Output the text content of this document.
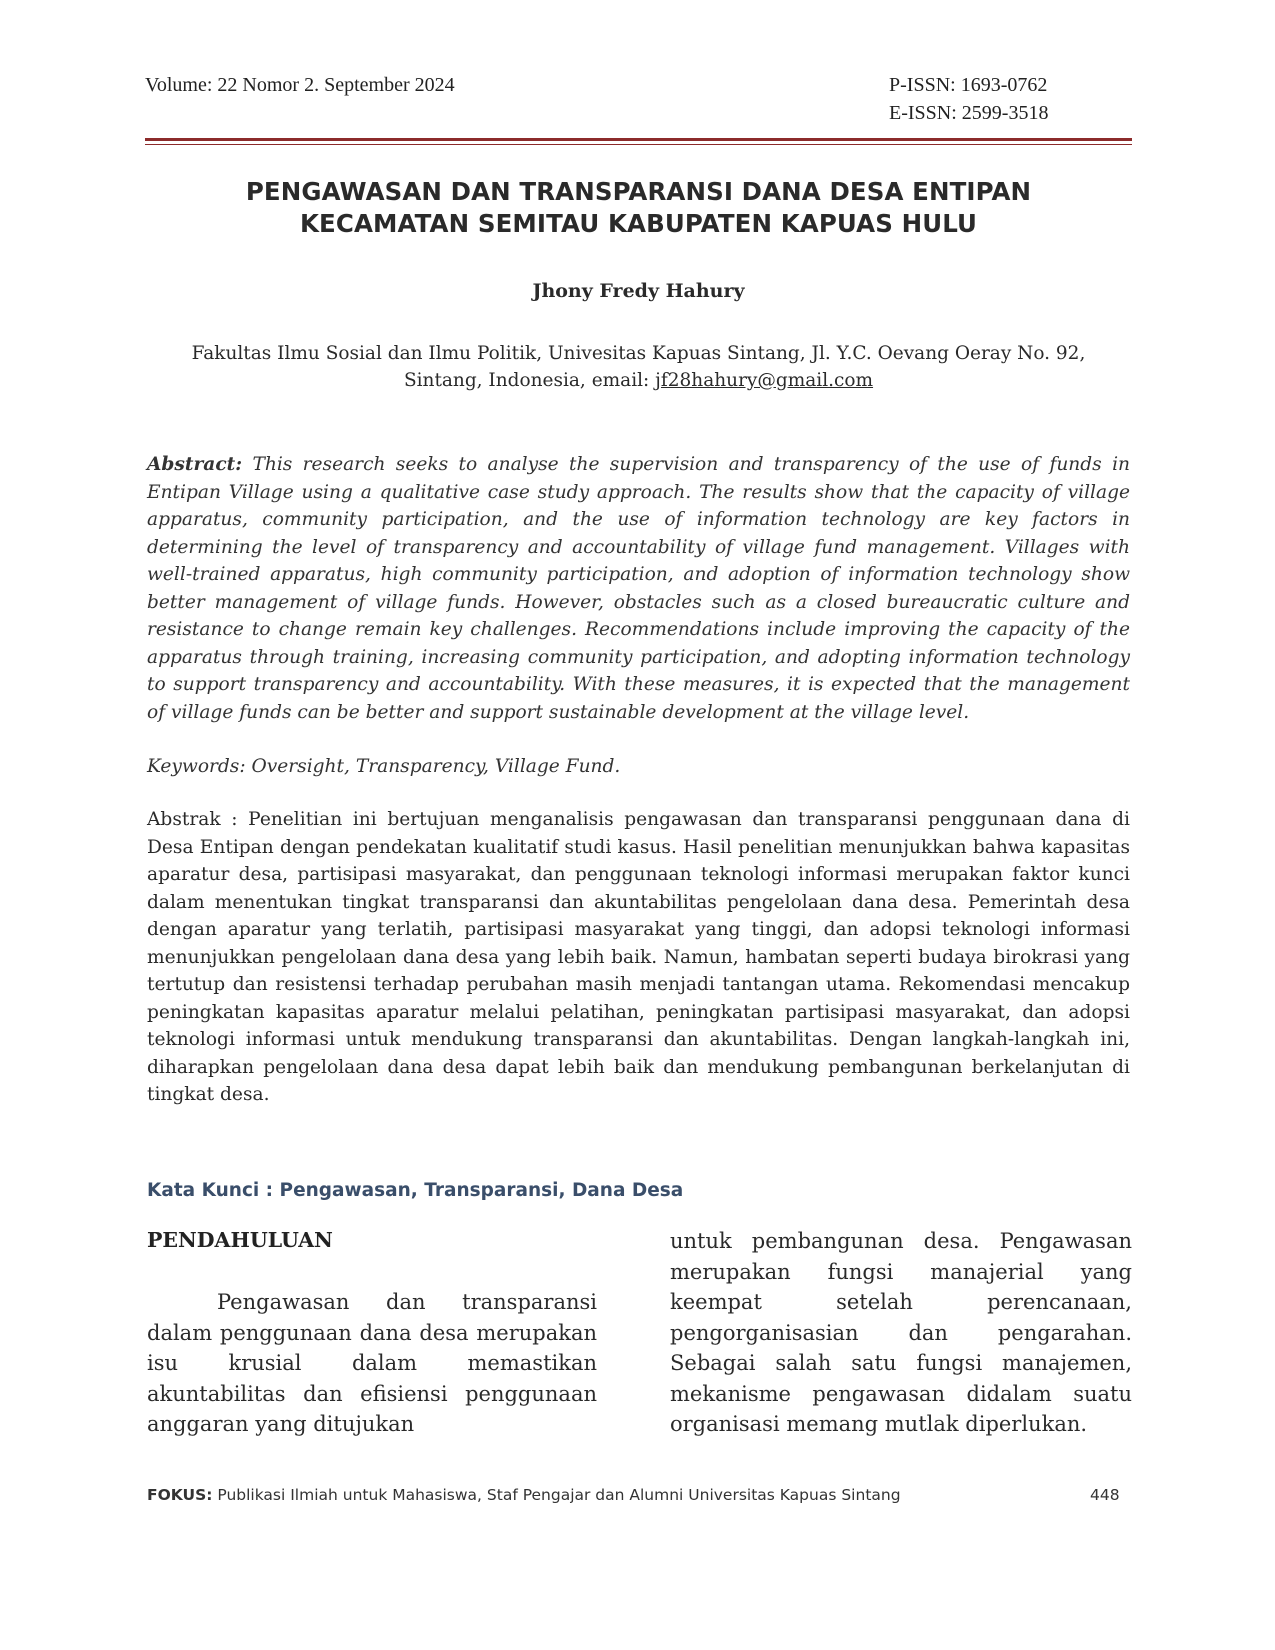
Volume: 22 Nomor 2. September 2024	P-ISSN: 1693-0762
E-ISSN: 2599-3518
PENGAWASAN DAN TRANSPARANSI DANA DESA ENTIPAN
KECAMATAN SEMITAU KABUPATEN KAPUAS HULU
Jhony Fredy Hahury
Fakultas Ilmu Sosial dan Ilmu Politik, Univesitas Kapuas Sintang, Jl. Y.C. Oevang Oeray No. 92,
Sintang, Indonesia, email: jf28hahury@gmail.com
Abstract: This research seeks to analyse the supervision and transparency of the use of funds in Entipan Village using a qualitative case study approach. The results show that the capacity of village apparatus, community participation, and the use of information technology are key factors in determining the level of transparency and accountability of village fund management. Villages with well-trained apparatus, high community participation, and adoption of information technology show better management of village funds. However, obstacles such as a closed bureaucratic culture and resistance to change remain key challenges. Recommendations include improving the capacity of the apparatus through training, increasing community participation, and adopting information technology to support transparency and accountability. With these measures, it is expected that the management of village funds can be better and support sustainable development at the village level.
Keywords: Oversight, Transparency, Village Fund.
Abstrak : Penelitian ini bertujuan menganalisis pengawasan dan transparansi penggunaan dana di Desa Entipan dengan pendekatan kualitatif studi kasus. Hasil penelitian menunjukkan bahwa kapasitas aparatur desa, partisipasi masyarakat, dan penggunaan teknologi informasi merupakan faktor kunci dalam menentukan tingkat transparansi dan akuntabilitas pengelolaan dana desa. Pemerintah desa dengan aparatur yang terlatih, partisipasi masyarakat yang tinggi, dan adopsi teknologi informasi menunjukkan pengelolaan dana desa yang lebih baik. Namun, hambatan seperti budaya birokrasi yang tertutup dan resistensi terhadap perubahan masih menjadi tantangan utama. Rekomendasi mencakup peningkatan kapasitas aparatur melalui pelatihan, peningkatan partisipasi masyarakat, dan adopsi teknologi informasi untuk mendukung transparansi dan akuntabilitas. Dengan langkah-langkah ini, diharapkan pengelolaan dana desa dapat lebih baik dan mendukung pembangunan berkelanjutan di tingkat desa.
Kata Kunci : Pengawasan, Transparansi, Dana Desa
PENDAHULUAN
Pengawasan dan transparansi dalam penggunaan dana desa merupakan isu krusial dalam memastikan akuntabilitas dan efisiensi penggunaan anggaran yang ditujukan
untuk pembangunan desa. Pengawasan merupakan fungsi manajerial yang keempat setelah perencanaan, pengorganisasian dan pengarahan. Sebagai salah satu fungsi manajemen, mekanisme pengawasan didalam suatu organisasi memang mutlak diperlukan.
FOKUS: Publikasi Ilmiah untuk Mahasiswa, Staf Pengajar dan Alumni Universitas Kapuas Sintang	448
